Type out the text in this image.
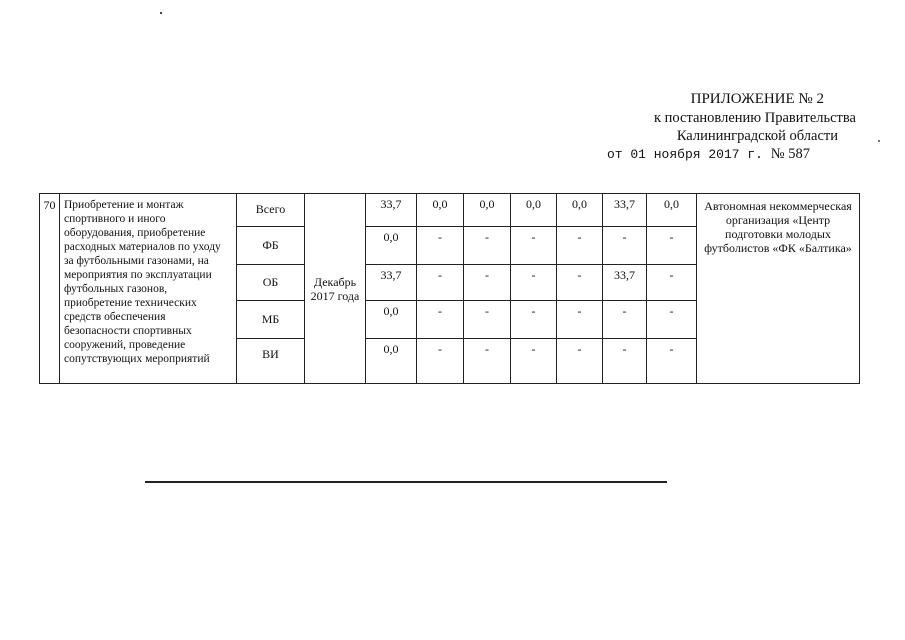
ПРИЛОЖЕНИЕ № 2
к постановлению Правительства
Калининградской области
от 01 ноября 2017 г. № 587
70	Приобретение и монтаж спортивного и иного оборудования, приобретение расходных материалов по уходу за футбольными газонами, на мероприятия по эксплуатации футбольных газонов, приобретение технических средств обеспечения безопасности спортивных сооружений, проведение сопутствующих мероприятий	Всего	Декабрь 2017 года	33,7	0,0	0,0	0,0	0,0	33,7	0,0	Автономная некоммерческая организация «Центр подготовки молодых футболистов «ФК «Балтика»
		ФБ		0,0	-	-	-	-	-	-	
		ОБ		33,7	-	-	-	-	33,7	-	
		МБ		0,0	-	-	-	-	-	-	
		ВИ		0,0	-	-	-	-	-	-	
